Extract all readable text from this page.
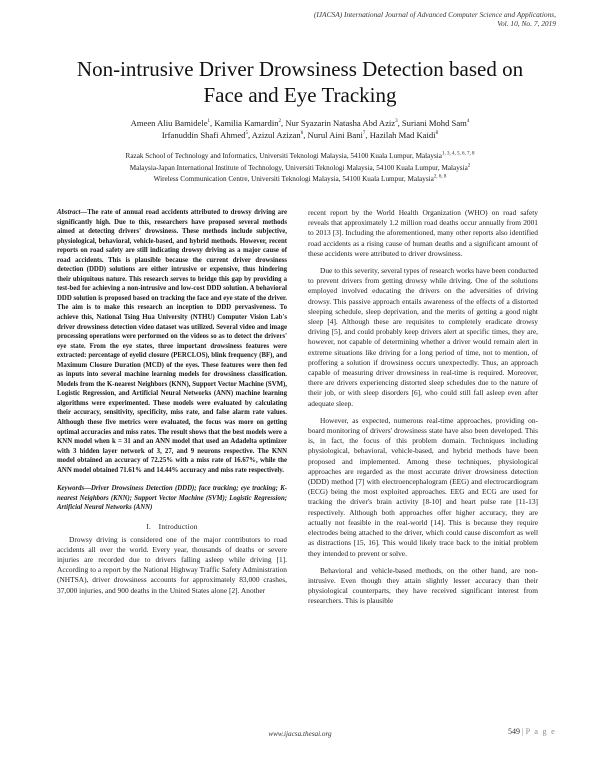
(IJACSA) International Journal of Advanced Computer Science and Applications,
Vol. 10, No. 7, 2019
Non-intrusive Driver Drowsiness Detection based on
Face and Eye Tracking
Ameen Aliu Bamidele$^1$, Kamilia Kamardin$^2$, Nur Syazarin Natasha Abd Aziz$^3$, Suriani Mohd Sam$^4$
Irfanuddin Shafi Ahmed$^5$, Azizul Azizan$^6$, Nurul Aini Bani$^7$, Hazilah Mad Kaidi$^8$
Razak School of Technology and Informatics, Universiti Teknologi Malaysia, 54100 Kuala Lumpur, Malaysia$^{1, 3, 4, 5, 6, 7, 8}$
Malaysia-Japan International Institute of Technology, Universiti Teknologi Malaysia, 54100 Kuala Lumpur, Malaysia$^2$
Wireless Communication Centre, Universiti Teknologi Malaysia, 54100 Kuala Lumpur, Malaysia$^{2, 6, 8}$
Abstract—The rate of annual road accidents attributed to drowsy driving are significantly high. Due to this, researchers have proposed several methods aimed at detecting drivers' drowsiness. These methods include subjective, physiological, behavioral, vehicle-based, and hybrid methods. However, recent reports on road safety are still indicating drowsy driving as a major cause of road accidents. This is plausible because the current driver drowsiness detection (DDD) solutions are either intrusive or expensive, thus hindering their ubiquitous nature. This research serves to bridge this gap by providing a test-bed for achieving a non-intrusive and low-cost DDD solution. A behavioral DDD solution is proposed based on tracking the face and eye state of the driver. The aim is to make this research an inception to DDD pervasiveness. To achieve this, National Tsing Hua University (NTHU) Computer Vision Lab's driver drowsiness detection video dataset was utilized. Several video and image processing operations were performed on the videos so as to detect the drivers' eye state. From the eye states, three important drowsiness features were extracted: percentage of eyelid closure (PERCLOS), blink frequency (BF), and Maximum Closure Duration (MCD) of the eyes. These features were then fed as inputs into several machine learning models for drowsiness classification. Models from the K-nearest Neighbors (KNN), Support Vector Machine (SVM), Logistic Regression, and Artificial Neural Networks (ANN) machine learning algorithms were experimented. These models were evaluated by calculating their accuracy, sensitivity, specificity, miss rate, and false alarm rate values. Although these five metrics were evaluated, the focus was more on getting optimal accuracies and miss rates. The result shows that the best models were a KNN model when k = 31 and an ANN model that used an Adadelta optimizer with 3 hidden layer network of 3, 27, and 9 neurons respective. The KNN model obtained an accuracy of 72.25% with a miss rate of 16.67%, while the ANN model obtained 71.61% and 14.44% accuracy and miss rate respectively.
Keywords—Driver Drowsiness Detection (DDD); face tracking; eye tracking; K-nearest Neighbors (KNN); Support Vector Machine (SVM); Logistic Regression; Artificial Neural Networks (ANN)
I. Introduction

Drowsy driving is considered one of the major contributors to road accidents all over the world. Every year, thousands of deaths or severe injuries are recorded due to drivers falling asleep while driving [1]. According to a report by the National Highway Traffic Safety Administration (NHTSA), driver drowsiness accounts for approximately 83,000 crashes, 37,000 injuries, and 900 deaths in the United States alone [2]. Another

recent report by the World Health Organization (WHO) on road safety reveals that approximately 1.2 million road deaths occur annually from 2001 to 2013 [3]. Including the aforementioned, many other reports also identified road accidents as a rising cause of human deaths and a significant amount of these accidents were attributed to driver drowsiness.

Due to this severity, several types of research works have been conducted to prevent drivers from getting drowsy while driving. One of the solutions employed involved educating the drivers on the adversities of driving drowsy. This passive approach entails awareness of the effects of a distorted sleeping schedule, sleep deprivation, and the merits of getting a good night sleep [4]. Although these are requisites to completely eradicate drowsy driving [5], and could probably keep drivers alert at specific times, they are, however, not capable of determining whether a driver would remain alert in extreme situations like driving for a long period of time, not to mention, of proffering a solution if drowsiness occurs unexpectedly. Thus, an approach capable of measuring driver drowsiness in real-time is required. Moreover, there are drivers experiencing distorted sleep schedules due to the nature of their job, or with sleep disorders [6], who could still fall asleep even after adequate sleep.

However, as expected, numerous real-time approaches, providing on-board monitoring of drivers' drowsiness state have also been developed. This is, in fact, the focus of this problem domain. Techniques including physiological, behavioral, vehicle-based, and hybrid methods have been proposed and implemented. Among these techniques, physiological approaches are regarded as the most accurate driver drowsiness detection (DDD) method [7] with electroencephalogram (EEG) and electrocardiogram (ECG) being the most exploited approaches. EEG and ECG are used for tracking the driver's brain activity [8-10] and heart pulse rate [11-13] respectively. Although both approaches offer higher accuracy, they are actually not feasible in the real-world [14]. This is because they require electrodes being attached to the driver, which could cause discomfort as well as distractions [15, 16]. This would likely trace back to the initial problem they intended to prevent or solve.

Behavioral and vehicle-based methods, on the other hand, are non-intrusive. Even though they attain slightly lesser accuracy than their physiological counterparts, they have received significant interest from researchers. This is plausible

www.ijacsa.thesai.org	549 | P a g e
